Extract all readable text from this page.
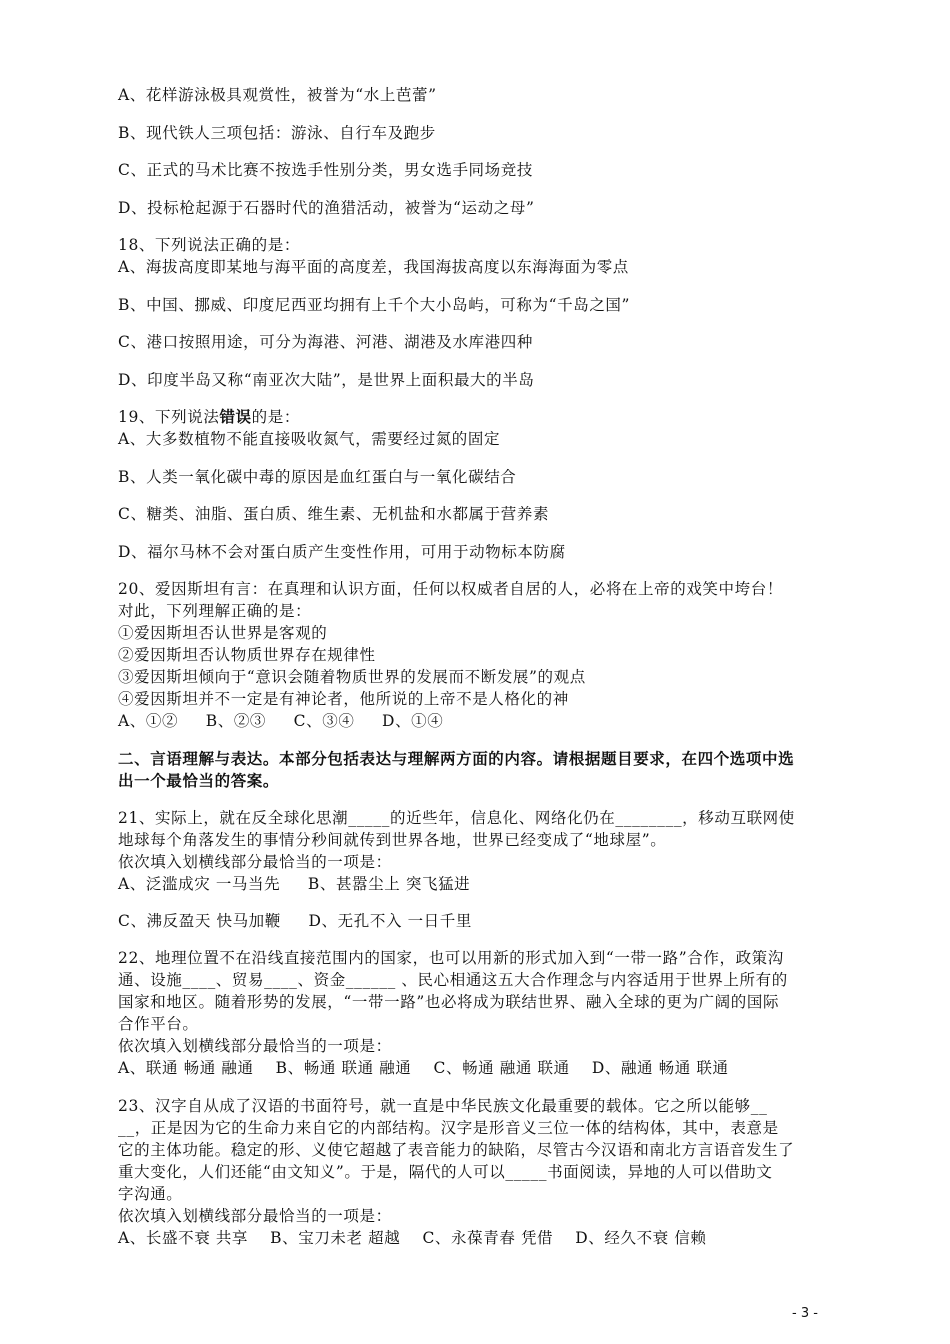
A、花样游泳极具观赏性，被誉为“水上芭蕾”
B、现代铁人三项包括：游泳、自行车及跑步
C、正式的马术比赛不按选手性别分类，男女选手同场竞技
D、投标枪起源于石器时代的渔猎活动，被誉为“运动之母”
18、下列说法正确的是：
A、海拔高度即某地与海平面的高度差，我国海拔高度以东海海面为零点
B、中国、挪威、印度尼西亚均拥有上千个大小岛屿，可称为“千岛之国”
C、港口按照用途，可分为海港、河港、湖港及水库港四种
D、印度半岛又称“南亚次大陆”，是世界上面积最大的半岛
19、下列说法错误的是：
A、大多数植物不能直接吸收氮气，需要经过氮的固定
B、人类一氧化碳中毒的原因是血红蛋白与一氧化碳结合
C、糖类、油脂、蛋白质、维生素、无机盐和水都属于营养素
D、福尔马林不会对蛋白质产生变性作用，可用于动物标本防腐
20、爱因斯坦有言：在真理和认识方面，任何以权威者自居的人，必将在上帝的戏笑中垮台！
对此，下列理解正确的是：
①爱因斯坦否认世界是客观的
②爱因斯坦否认物质世界存在规律性
③爱因斯坦倾向于“意识会随着物质世界的发展而不断发展”的观点
④爱因斯坦并不一定是有神论者，他所说的上帝不是人格化的神
A、①②     B、②③     C、③④     D、①④
二、言语理解与表达。本部分包括表达与理解两方面的内容。请根据题目要求，在四个选项中选
出一个最恰当的答案。
21、实际上，就在反全球化思潮_____的近些年，信息化、网络化仍在________，移动互联网使
地球每个角落发生的事情分秒间就传到世界各地，世界已经变成了“地球屋”。
依次填入划横线部分最恰当的一项是：
A、泛滥成灾 一马当先     B、甚嚣尘上 突飞猛进
C、沸反盈天 快马加鞭     D、无孔不入 一日千里
22、地理位置不在沿线直接范围内的国家，也可以用新的形式加入到“一带一路”合作，政策沟
通、设施____、贸易____、资金______ 、民心相通这五大合作理念与内容适用于世界上所有的
国家和地区。随着形势的发展，“一带一路”也必将成为联结世界、融入全球的更为广阔的国际
合作平台。
依次填入划横线部分最恰当的一项是：
A、联通 畅通 融通    B、畅通 联通 融通    C、畅通 融通 联通    D、融通 畅通 联通
23、汉字自从成了汉语的书面符号，就一直是中华民族文化最重要的载体。它之所以能够__
__，正是因为它的生命力来自它的内部结构。汉字是形音义三位一体的结构体，其中，表意是
它的主体功能。稳定的形、义使它超越了表音能力的缺陷，尽管古今汉语和南北方言语音发生了
重大变化，人们还能“由文知义”。于是，隔代的人可以_____书面阅读，异地的人可以借助文
字沟通。
依次填入划横线部分最恰当的一项是：
A、长盛不衰 共享    B、宝刀未老 超越    C、永葆青春 凭借    D、经久不衰 信赖
- 3 -
